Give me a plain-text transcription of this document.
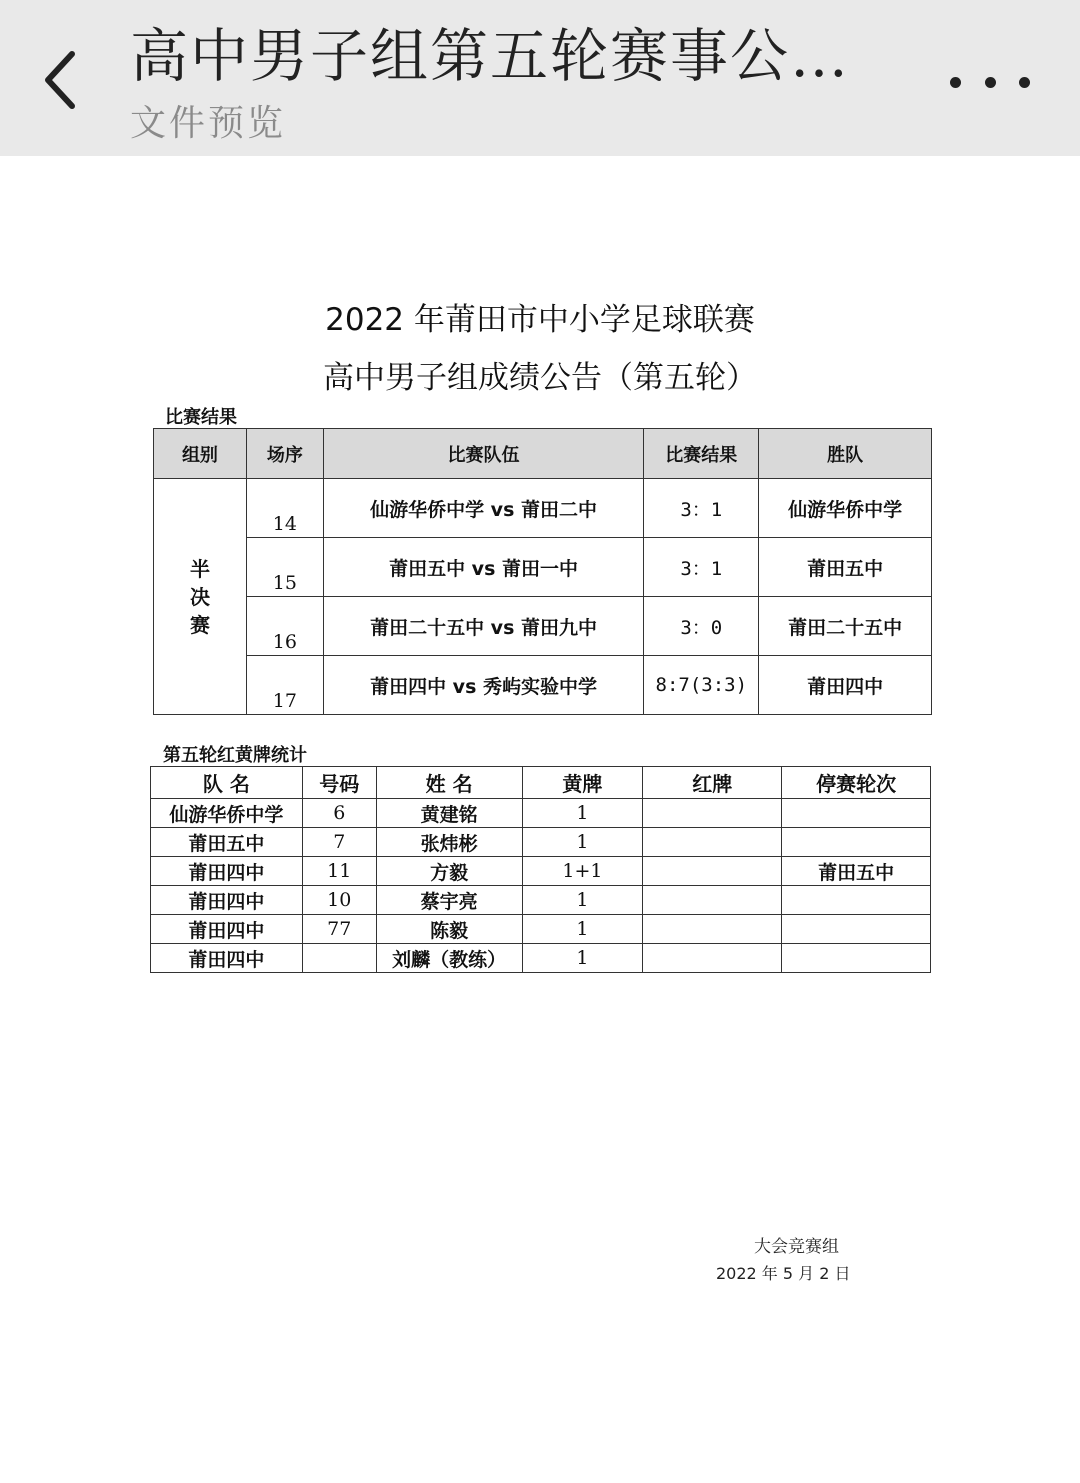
高中男子组第五轮赛事公…
文件预览
2022 年莆田市中小学足球联赛
高中男子组成绩公告（第五轮）
比赛结果
组别	场序	比赛队伍	比赛结果	胜队
半决赛	14	仙游华侨中学 vs 莆田二中	3：1	仙游华侨中学
	15	莆田五中 vs 莆田一中	3：1	莆田五中
	16	莆田二十五中 vs 莆田九中	3：0	莆田二十五中
	17	莆田四中 vs 秀屿实验中学	8:7(3:3)	莆田四中
第五轮红黄牌统计
队 名	号码	姓 名	黄牌	红牌	停赛轮次
仙游华侨中学	6	黄建铭	1		
莆田五中	7	张炜彬	1		
莆田四中	11	方毅	1+1		莆田五中
莆田四中	10	蔡宇亮	1		
莆田四中	77	陈毅	1		
莆田四中		刘麟（教练）	1		
大会竞赛组
2022 年 5 月 2 日
